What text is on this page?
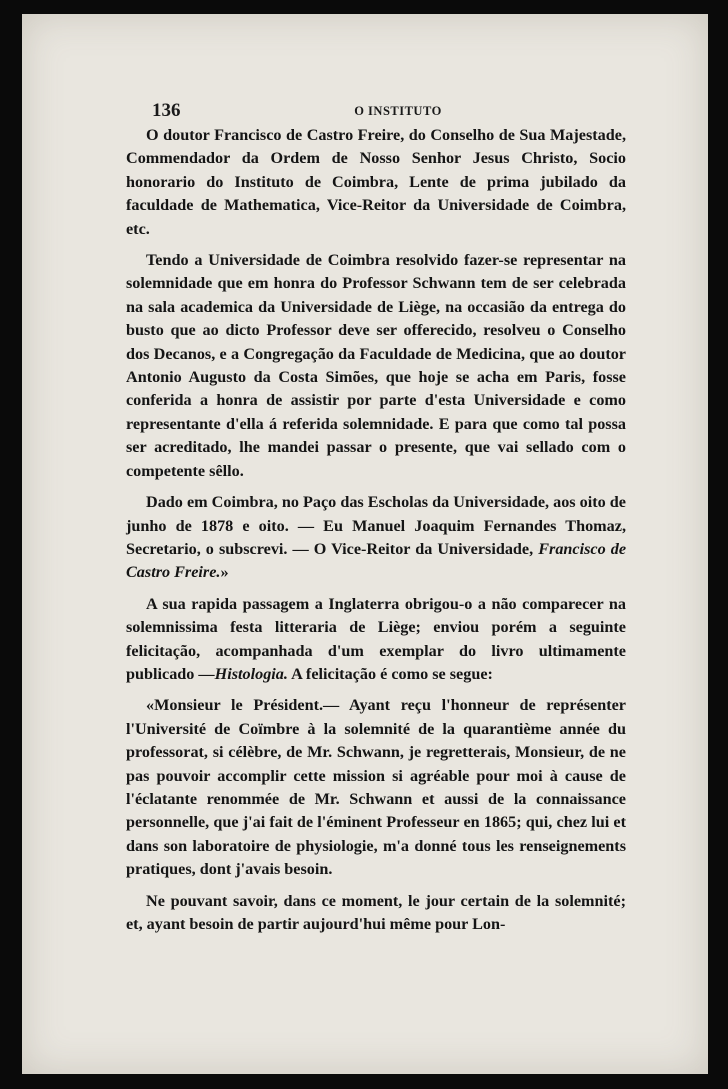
136	O INSTITUTO

O doutor Francisco de Castro Freire, do Conselho de Sua Majestade, Commendador da Ordem de Nosso Senhor Jesus Christo, Socio honorario do Instituto de Coimbra, Lente de prima jubilado da faculdade de Mathematica, Vice-Reitor da Universidade de Coimbra, etc.

Tendo a Universidade de Coimbra resolvido fazer-se representar na solemnidade que em honra do Professor Schwann tem de ser celebrada na sala academica da Universidade de Liège, na occasião da entrega do busto que ao dicto Professor deve ser offerecido, resolveu o Conselho dos Decanos, e a Congregação da Faculdade de Medicina, que ao doutor Antonio Augusto da Costa Simões, que hoje se acha em Paris, fosse conferida a honra de assistir por parte d'esta Universidade e como representante d'ella á referida solemnidade. E para que como tal possa ser acreditado, lhe mandei passar o presente, que vai sellado com o competente sêllo.

Dado em Coimbra, no Paço das Escholas da Universidade, aos oito de junho de 1878 e oito. — Eu Manuel Joaquim Fernandes Thomaz, Secretario, o subscrevi. — O Vice-Reitor da Universidade, Francisco de Castro Freire.»

A sua rapida passagem a Inglaterra obrigou-o a não comparecer na solemnissima festa litteraria de Liège; enviou porém a seguinte felicitação, acompanhada d'um exemplar do livro ultimamente publicado —Histologia. A felicitação é como se segue:

«Monsieur le Président.— Ayant reçu l'honneur de représenter l'Université de Coïmbre à la solemnité de la quarantième année du professorat, si célèbre, de Mr. Schwann, je regretterais, Monsieur, de ne pas pouvoir accomplir cette mission si agréable pour moi à cause de l'éclatante renommée de Mr. Schwann et aussi de la connaissance personnelle, que j'ai fait de l'éminent Professeur en 1865; qui, chez lui et dans son laboratoire de physiologie, m'a donné tous les renseignements pratiques, dont j'avais besoin.

Ne pouvant savoir, dans ce moment, le jour certain de la solemnité; et, ayant besoin de partir aujourd'hui même pour Lon-
